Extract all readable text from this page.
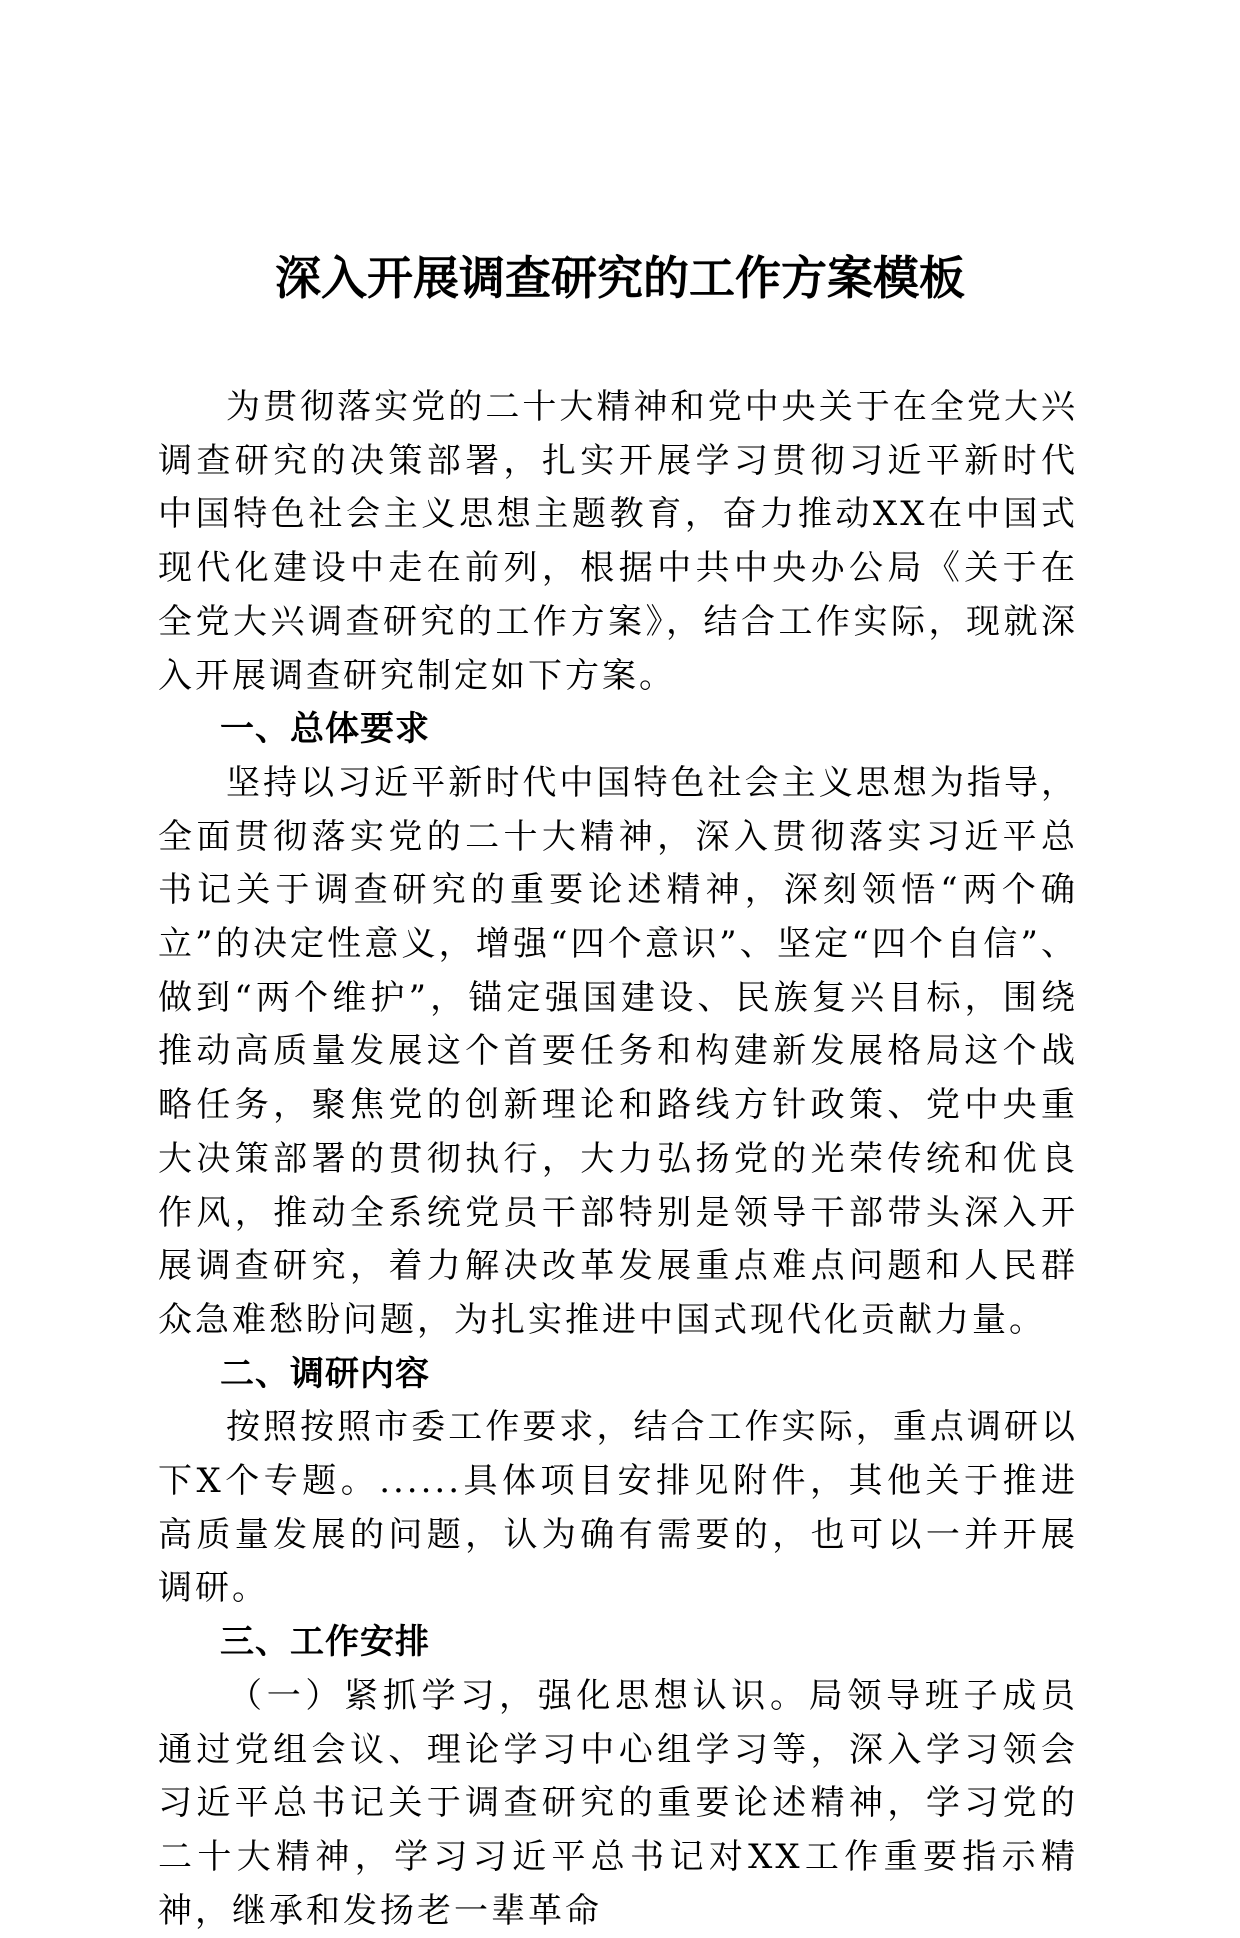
深入开展调查研究的工作方案模板

为贯彻落实党的二十大精神和党中央关于在全党大兴调查研究的决策部署，扎实开展学习贯彻习近平新时代中国特色社会主义思想主题教育，奋力推动XX在中国式现代化建设中走在前列，根据中共中央办公局《关于在全党大兴调查研究的工作方案》，结合工作实际，现就深入开展调查研究制定如下方案。

一、总体要求

坚持以习近平新时代中国特色社会主义思想为指导，全面贯彻落实党的二十大精神，深入贯彻落实习近平总书记关于调查研究的重要论述精神，深刻领悟“两个确立”的决定性意义，增强“四个意识”、坚定“四个自信”、做到“两个维护”，锚定强国建设、民族复兴目标，围绕推动高质量发展这个首要任务和构建新发展格局这个战略任务，聚焦党的创新理论和路线方针政策、党中央重大决策部署的贯彻执行，大力弘扬党的光荣传统和优良作风，推动全系统党员干部特别是领导干部带头深入开展调查研究，着力解决改革发展重点难点问题和人民群众急难愁盼问题，为扎实推进中国式现代化贡献力量。

二、调研内容

按照按照市委工作要求，结合工作实际，重点调研以下X个专题。......具体项目安排见附件，其他关于推进高质量发展的问题，认为确有需要的，也可以一并开展调研。

三、工作安排

（一）紧抓学习，强化思想认识。局领导班子成员通过党组会议、理论学习中心组学习等，深入学习领会习近平总书记关于调查研究的重要论述精神，学习党的二十大精神，学习习近平总书记对XX工作重要指示精神，继承和发扬老一辈革命
